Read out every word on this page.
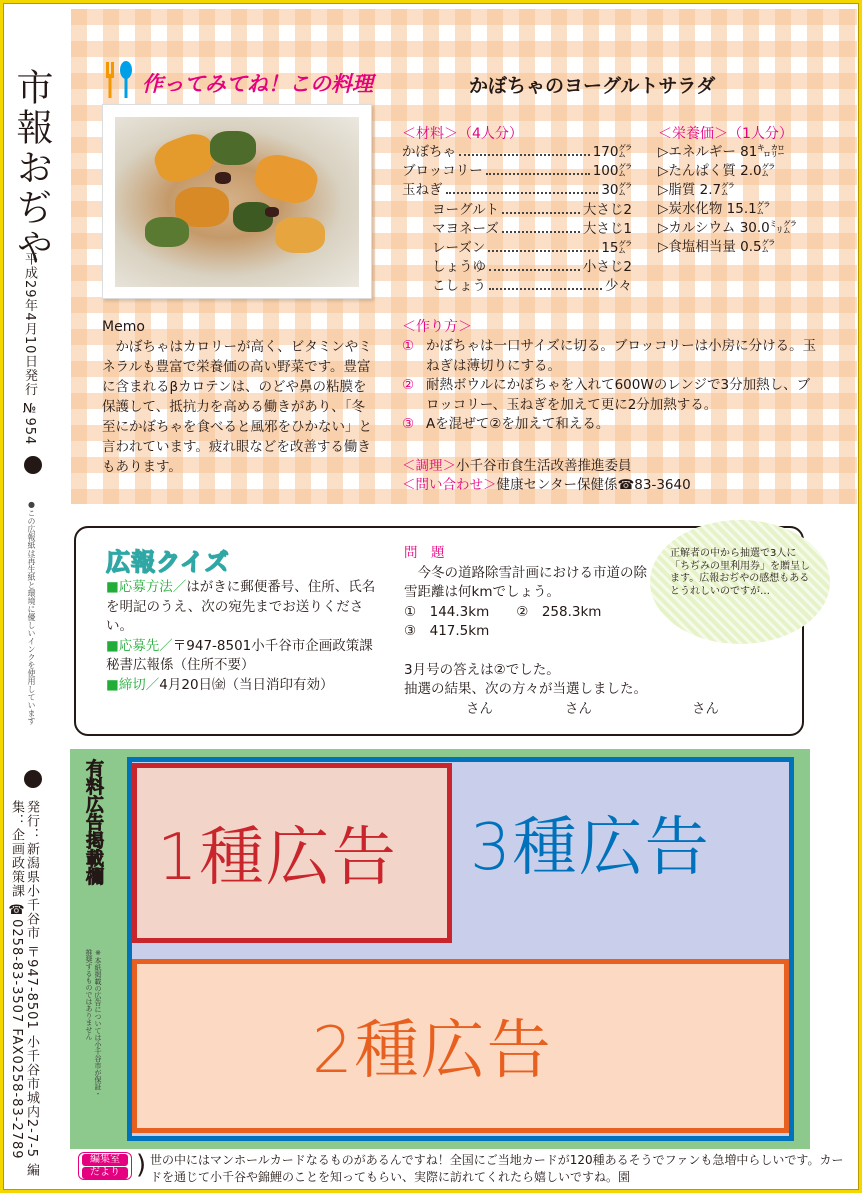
市報おぢや
平成29年4月10日発行 №954
●この広報紙は再生紙と環境に優しいインクを使用しています
発行：新潟県小千谷市 〒947-8501 小千谷市城内2-7-5 編集：企画政策課 ☎0258-83-3507 FAX0258-83-2789
作ってみてね！この料理	かぼちゃのヨーグルトサラダ
＜材料＞（4人分）
かぼちゃ	170㌘
ブロッコリー	100㌘
玉ねぎ	30㌘
ヨーグルト	大さじ2
マヨネーズ	大さじ1
レーズン	15㌘
しょうゆ	小さじ2
こしょう	少々
＜栄養価＞（1人分）
▷エネルギー 81㌔㌍
▷たんぱく質 2.0㌘
▷脂質 2.7㌘
▷炭水化物 15.1㌘
▷カルシウム 30.0㍉㌘
▷食塩相当量 0.5㌘
Memo
かぼちゃはカロリーが高く、ビタミンやミネラルも豊富で栄養価の高い野菜です。豊富に含まれるβカロテンは、のどや鼻の粘膜を保護して、抵抗力を高める働きがあり、「冬至にかぼちゃを食べると風邪をひかない」と言われています。疲れ眼などを改善する働きもあります。
＜作り方＞
① かぼちゃは一口サイズに切る。ブロッコリーは小房に分ける。玉ねぎは薄切りにする。
② 耐熱ボウルにかぼちゃを入れて600Wのレンジで3分加熱し、ブロッコリー、玉ねぎを加えて更に2分加熱する。
③ Aを混ぜて②を加えて和える。
＜調理＞小千谷市食生活改善推進委員
＜問い合わせ＞健康センター保健係☎83-3640
広報クイズ
■応募方法／はがきに郵便番号、住所、氏名を明記のうえ、次の宛先までお送りください。
■応募先／〒947-8501小千谷市企画政策課秘書広報係（住所不要）
■締切／4月20日㈮（当日消印有効）
問　題
今冬の道路除雪計画における市道の除雪距離は何kmでしょう。
①　144.3km　　 ②　258.3km
③　417.5km
3月号の答えは②でした。
抽選の結果、次の方々が当選しました。
さん	さん	さん
正解者の中から抽選で3人に「ちぢみの里利用券」を贈呈します。広報おぢやの感想もあるとうれしいのですが…
有料広告掲載欄
※本紙掲載の広告については小千谷市が保証・推奨するものではありません
3種広告
1種広告
2種広告
編集室
だより ) 世の中にはマンホールカードなるものがあるんですね！全国にご当地カードが120種あるそうでファンも急増中らしいです。カードを通じて小千谷や錦鯉のことを知ってもらい、実際に訪れてくれたら嬉しいですね。園
